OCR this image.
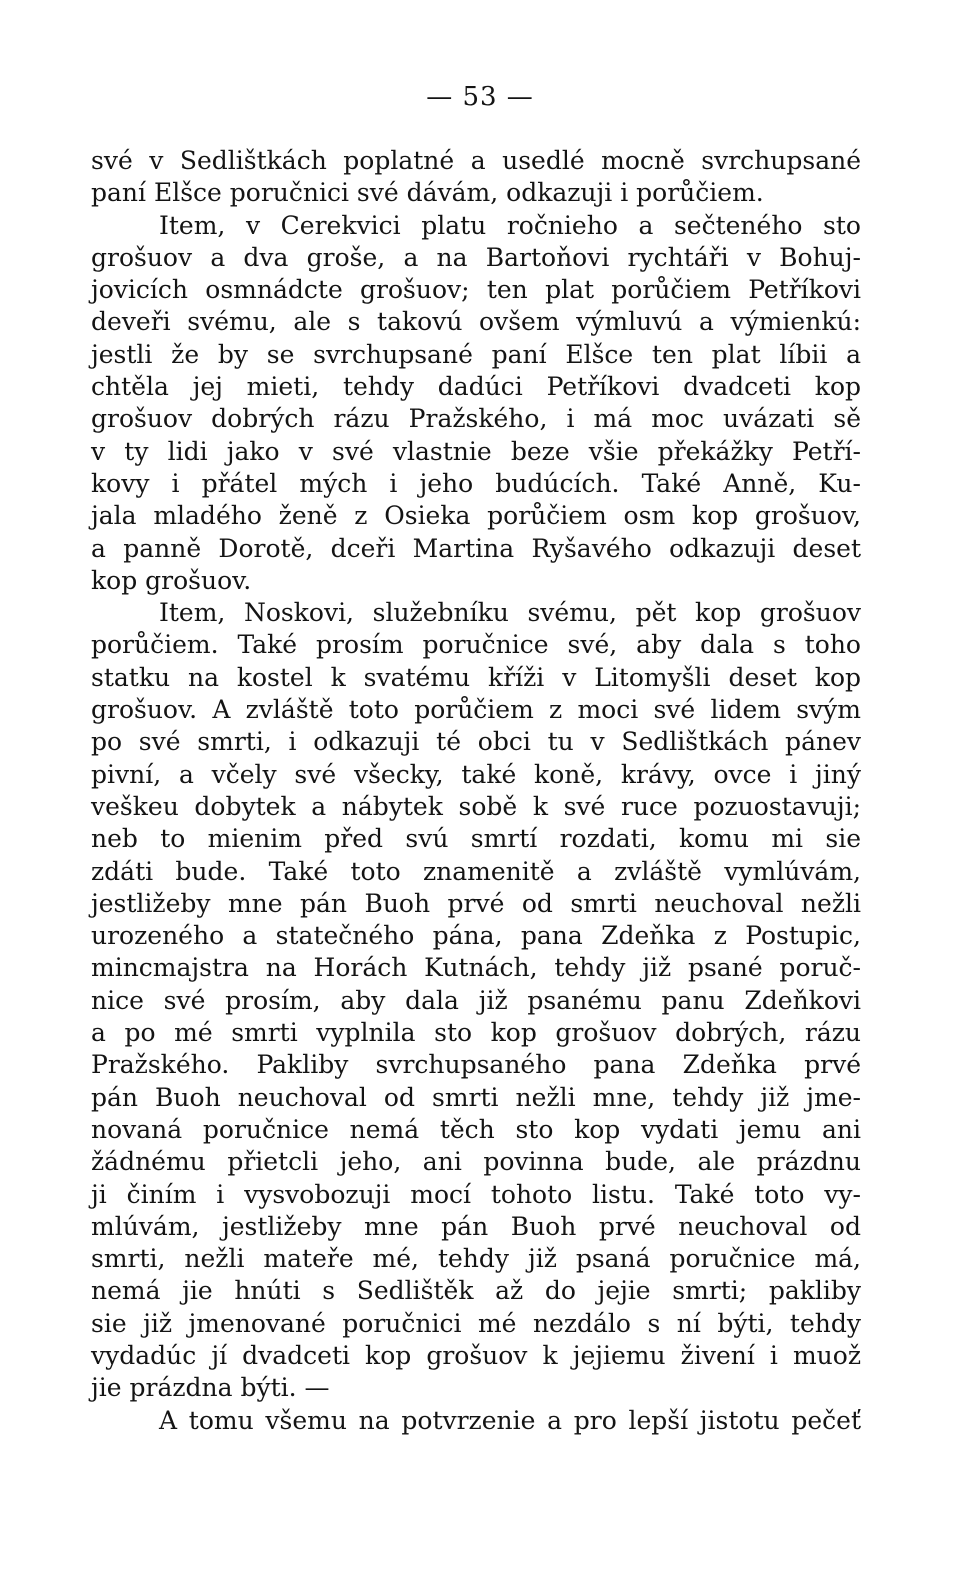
— 53 —
své v Sedlištkách poplatné a usedlé mocně svrchupsané
paní Elšce poručnici své dávám, odkazuji i porůčiem.
Item, v Cerekvici platu ročnieho a sečteného sto
grošuov a dva groše, a na Bartoňovi rychtáři v Bohuj-
jovicích osmnádcte grošuov; ten plat porůčiem Petříkovi
deveři svému, ale s takovú ovšem výmluvú a výmienkú:
jestli že by se svrchupsané paní Elšce ten plat líbii a
chtěla jej mieti, tehdy dadúci Petříkovi dvadceti kop
grošuov dobrých rázu Pražského, i má moc uvázati sě
v ty lidi jako v své vlastnie beze všie překážky Petří-
kovy i přátel mých i jeho budúcích. Také Anně, Ku-
jala mladého ženě z Osieka porůčiem osm kop grošuov,
a panně Dorotě, dceři Martina Ryšavého odkazuji deset
kop grošuov.
Item, Noskovi, služebníku svému, pět kop grošuov
porůčiem. Také prosím poručnice své, aby dala s toho
statku na kostel k svatému kříži v Litomyšli deset kop
grošuov. A zvláště toto porůčiem z moci své lidem svým
po své smrti, i odkazuji té obci tu v Sedlištkách pánev
pivní, a včely své všecky, také koně, krávy, ovce i jiný
veškeu dobytek a nábytek sobě k své ruce pozuostavuji;
neb to mienim před svú smrtí rozdati, komu mi sie
zdáti bude. Také toto znamenitě a zvláště vymlúvám,
jestližeby mne pán Buoh prvé od smrti neuchoval nežli
urozeného a statečného pána, pana Zdeňka z Postupic,
mincmajstra na Horách Kutnách, tehdy již psané poruč-
nice své prosím, aby dala již psanému panu Zdeňkovi
a po mé smrti vyplnila sto kop grošuov dobrých, rázu
Pražského. Pakliby svrchupsaného pana Zdeňka prvé
pán Buoh neuchoval od smrti nežli mne, tehdy již jme-
novaná poručnice nemá těch sto kop vydati jemu ani
žádnému přietcli jeho, ani povinna bude, ale prázdnu
ji činím i vysvobozuji mocí tohoto listu. Také toto vy-
mlúvám, jestližeby mne pán Buoh prvé neuchoval od
smrti, nežli mateře mé, tehdy již psaná poručnice má,
nemá jie hnúti s Sedlištěk až do jejie smrti; pakliby
sie již jmenované poručnici mé nezdálo s ní býti, tehdy
vydadúc jí dvadceti kop grošuov k jejiemu živení i muož
jie prázdna býti. —
A tomu všemu na potvrzenie a pro lepší jistotu pečeť
